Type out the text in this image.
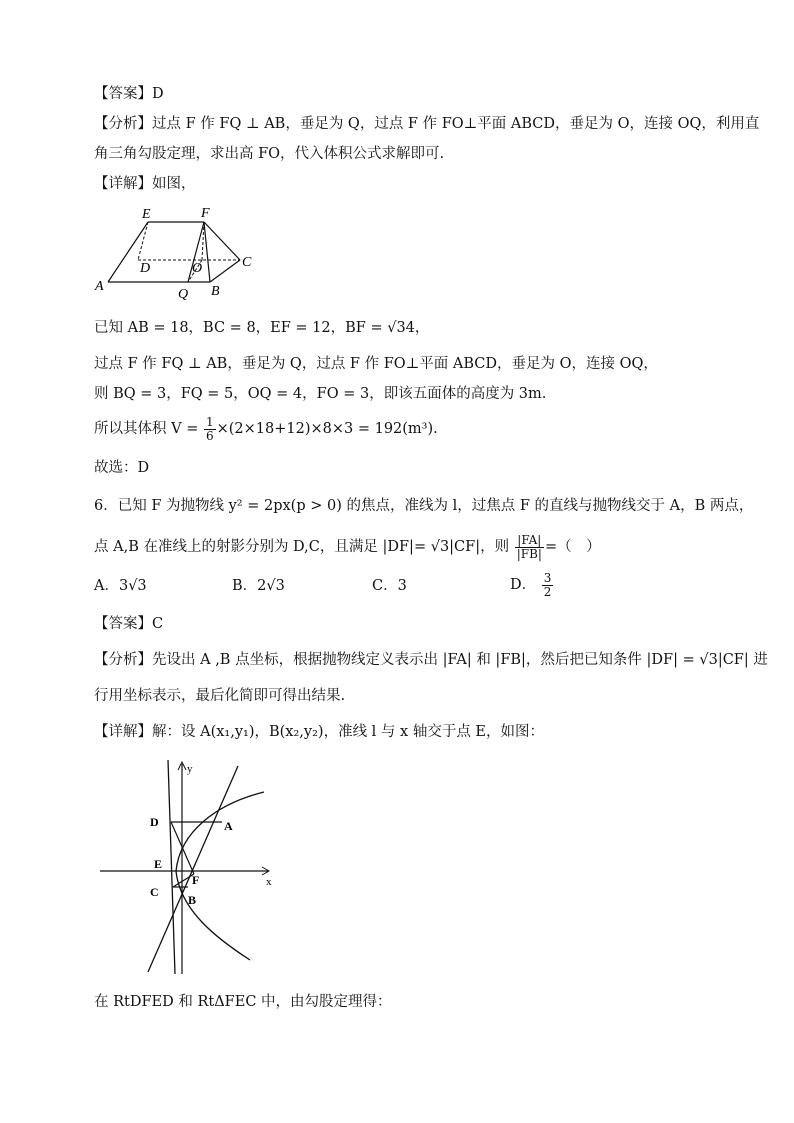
【答案】D
【分析】过点 F 作 FQ ⊥ AB，垂足为 Q，过点 F 作 FO⊥平面 ABCD，垂足为 O，连接 OQ，利用直
角三角勾股定理，求出高 FO，代入体积公式求解即可.
【详解】如图，
E	F
A
D	O	C
Q B
已知 AB = 18，BC = 8，EF = 12，BF = √34，
过点 F 作 FQ ⊥ AB，垂足为 Q，过点 F 作 FO⊥平面 ABCD，垂足为 O，连接 OQ，
则 BQ = 3，FQ = 5，OQ = 4，FO = 3，即该五面体的高度为 3m.
所以其体积 $V = \frac{1}{6} \times(2\times 18+12)\times 8\times 3 = 192(m^3)$.
故选：D
6．已知 F 为抛物线 y² = 2px(p > 0) 的焦点，准线为 l，过焦点 F 的直线与抛物线交于 A，B 两点，
点 A,B 在准线上的射影分别为 D,C，且满足 |DF|= √3|CF|，则 $\frac{|FA|}{|FB|}$ =（　）
A．3√3	B．2√3	C．3	D． $\frac{3}{2}$
【答案】C
【分析】先设出 A ,B 点坐标，根据抛物线定义表示出 |FA| 和 |FB|，然后把已知条件 |DF| = √3|CF| 进
行用坐标表示，最后化简即可得出结果.
【详解】解：设 A(x₁,y₁)，B(x₂,y₂)，准线 l 与 x 轴交于点 E，如图：
y
x
D	A
E
F
C
B
在 RtDFED 和 RtΔFEC 中，由勾股定理得：
